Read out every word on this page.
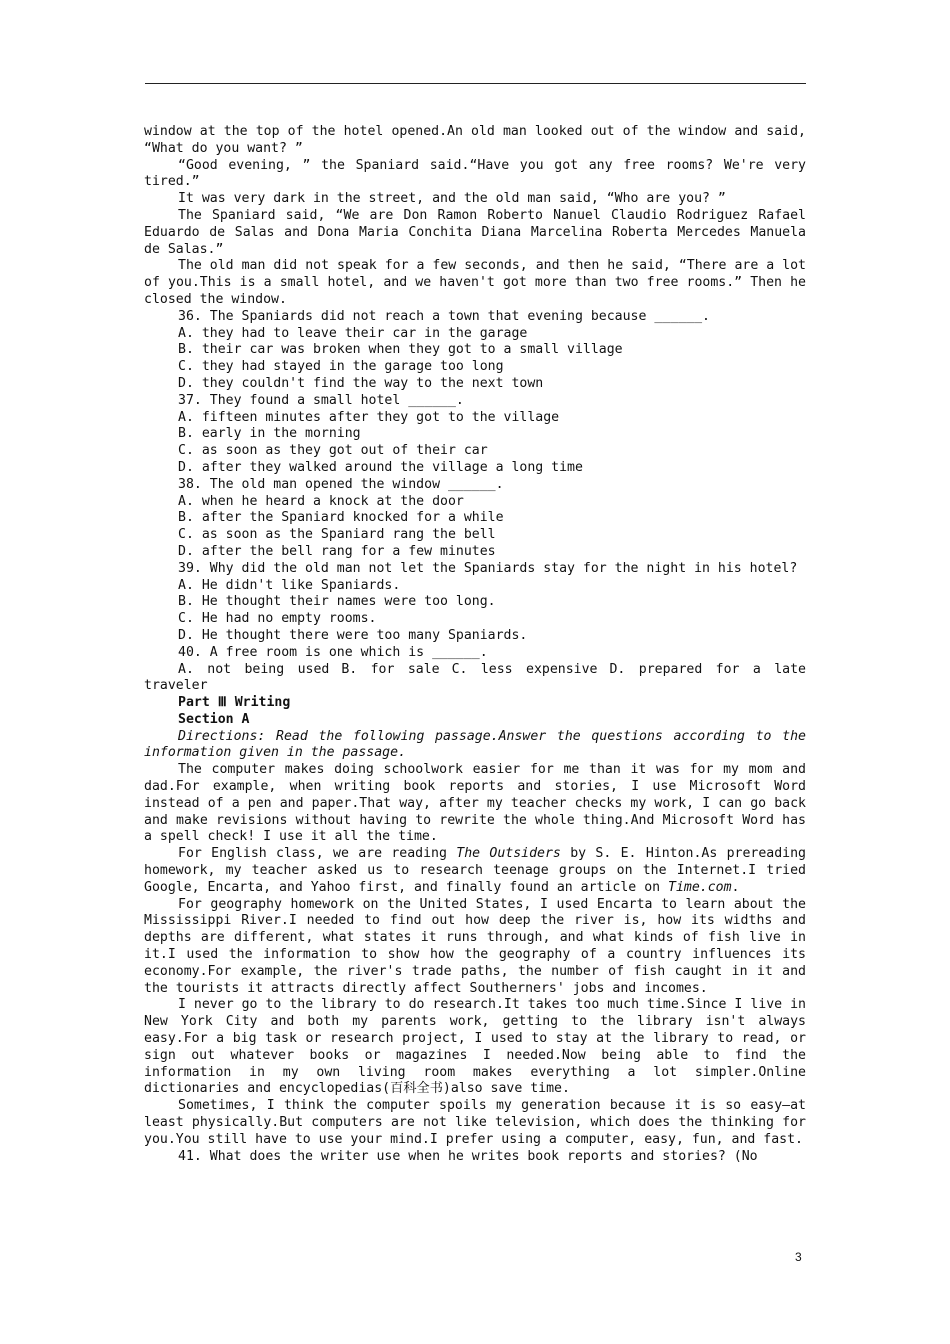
window at the top of the hotel opened.An old man looked out of the window and said, “What do you want? ”

“Good evening, ” the Spaniard said.“Have you got any free rooms? We're very tired.”

It was very dark in the street, and the old man said, “Who are you? ”

The Spaniard said, “We are Don Ramon Roberto Nanuel Claudio Rodriguez Rafael Eduardo de Salas and Dona Maria Conchita Diana Marcelina Roberta Mercedes Manuela de Salas.”

The old man did not speak for a few seconds, and then he said, “There are a lot of you.This is a small hotel, and we haven't got more than two free rooms.” Then he closed the window.

36. The Spaniards did not reach a town that evening because ______.

A. they had to leave their car in the garage

B. their car was broken when they got to a small village

C. they had stayed in the garage too long

D. they couldn't find the way to the next town

37. They found a small hotel ______.

A. fifteen minutes after they got to the village

B. early in the morning

C. as soon as they got out of their car

D. after they walked around the village a long time

38. The old man opened the window ______.

A. when he heard a knock at the door

B. after the Spaniard knocked for a while

C. as soon as the Spaniard rang the bell

D. after the bell rang for a few minutes

39. Why did the old man not let the Spaniards stay for the night in his hotel?

A. He didn't like Spaniards.

B. He thought their names were too long.

C. He had no empty rooms.

D. He thought there were too many Spaniards.

40. A free room is one which is ______.

A. not being used B. for sale C. less expensive D. prepared for a late traveler

Part Ⅲ Writing

Section A

Directions: Read the following passage.Answer the questions according to the information given in the passage.

The computer makes doing schoolwork easier for me than it was for my mom and dad.For example, when writing book reports and stories, I use Microsoft Word instead of a pen and paper.That way, after my teacher checks my work, I can go back and make revisions without having to rewrite the whole thing.And Microsoft Word has a spell check! I use it all the time.

For English class, we are reading The Outsiders by S. E. Hinton.As prereading homework, my teacher asked us to research teenage groups on the Internet.I tried Google, Encarta, and Yahoo first, and finally found an article on Time.com.

For geography homework on the United States, I used Encarta to learn about the Mississippi River.I needed to find out how deep the river is, how its widths and depths are different, what states it runs through, and what kinds of fish live in it.I used the information to show how the geography of a country influences its economy.For example, the river's trade paths, the number of fish caught in it and the tourists it attracts directly affect Southerners' jobs and incomes.

I never go to the library to do research.It takes too much time.Since I live in New York City and both my parents work, getting to the library isn't always easy.For a big task or research project, I used to stay at the library to read, or sign out whatever books or magazines I needed.Now being able to find the information in my own living room makes everything a lot simpler.Online dictionaries and encyclopedias(百科全书)also save time.

Sometimes, I think the computer spoils my generation because it is so easy—at least physically.But computers are not like television, which does the thinking for you.You still have to use your mind.I prefer using a computer, easy, fun, and fast.

41. What does the writer use when he writes book reports and stories? (No

3
